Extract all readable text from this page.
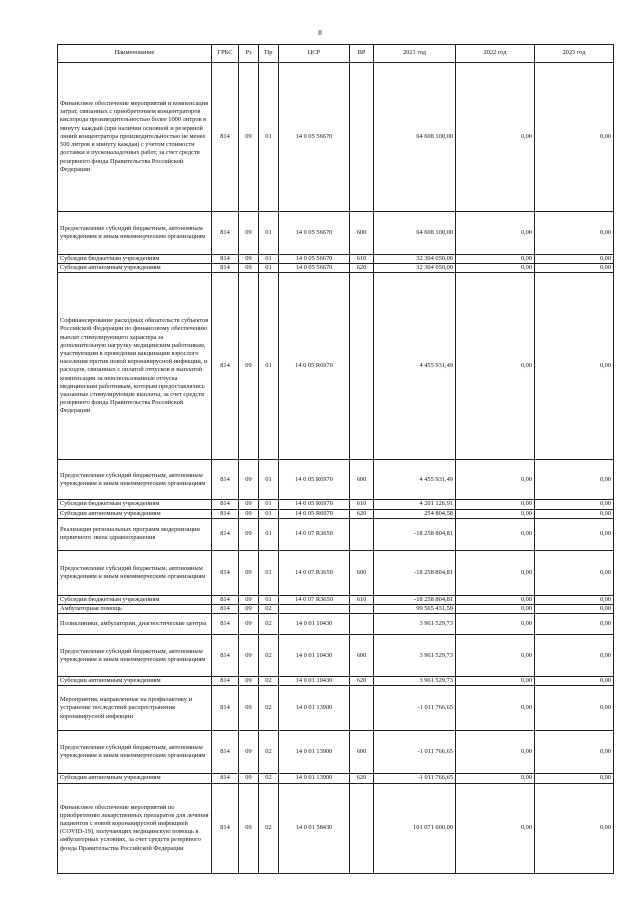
8
Наименование	ГРБС	Рз	Пр	ЦСР	ВР	2021 год	2022 год	2023 год
Финансовое обеспечение мероприятий и компенсация затрат, связанных с приобретением концентраторов кислорода производительностью более 1000 литров в минуту каждый (при наличии основной и резервной линий концентратора производительностью не менее 500 литров в минуту каждая) с учетом стоимости доставки и пусконаладочных работ, за счет средств резервного фонда Правительства Российской Федерации	814	09	01	14 0 05 56670		64 608 100,00	0,00	0,00
Предоставление субсидий бюджетным, автономным учреждениям и иным некоммерческим организациям	814	09	01	14 0 05 56670	600	64 608 100,00	0,00	0,00
Субсидии бюджетным учреждениям	814	09	01	14 0 05 56670	610	32 304 050,00	0,00	0,00
Субсидии автономным учреждениям	814	09	01	14 0 05 56670	620	32 304 050,00	0,00	0,00
Софинансирование расходных обязательств субъектов Российской Федерации по финансовому обеспечению выплат стимулирующего характера за дополнительную нагрузку медицинским работникам, участвующим в проведении вакцинации взрослого населения против новой коронавирусной инфекции, и расходов, связанных с оплатой отпусков и выплатой компенсации за неиспользованные отпуска медицинским работникам, которым предоставлялись указанные стимулирующие выплаты, за счет средств резервного фонда Правительства Российской Федерации	814	09	01	14 0 05 R6970		4 455 931,49	0,00	0,00
Предоставление субсидий бюджетным, автономным учреждениям и иным некоммерческим организациям	814	09	01	14 0 05 R6970	600	4 455 931,49	0,00	0,00
Субсидии бюджетным учреждениям	814	09	01	14 0 05 R6970	610	4 201 126,91	0,00	0,00
Субсидии автономным учреждениям	814	09	01	14 0 05 R6970	620	254 804,58	0,00	0,00
Реализация региональных программ модернизации первичного звена здравоохранения	814	09	01	14 0 07 R3650		-18 258 804,81	0,00	0,00
Предоставление субсидий бюджетным, автономным учреждениям и иным некоммерческим организациям	814	09	01	14 0 07 R3650	600	-18 258 804,81	0,00	0,00
Субсидии бюджетным учреждениям	814	09	01	14 0 07 R3650	610	-18 258 804,81	0,00	0,00
Амбулаторная помощь	814	09	02			99 565 431,59	0,00	0,00
Поликлиники, амбулатории, диагностические центры	814	09	02	14 0 01 10430		3 961 529,73	0,00	0,00
Предоставление субсидий бюджетным, автономным учреждениям и иным некоммерческим организациям	814	09	02	14 0 01 10430	600	3 961 529,73	0,00	0,00
Субсидии автономным учреждениям	814	09	02	14 0 01 10430	620	3 961 529,73	0,00	0,00
Мероприятия, направленные на профилактику и устранение последствий распространения коронавирусной инфекции	814	09	02	14 0 01 13900		-1 011 766,65	0,00	0,00
Предоставление субсидий бюджетным, автономным учреждениям и иным некоммерческим организациям	814	09	02	14 0 01 13900	600	-1 011 766,65	0,00	0,00
Субсидии автономным учреждениям	814	09	02	14 0 01 13900	620	-1 011 766,65	0,00	0,00
Финансовое обеспечение мероприятий по приобретению лекарственных препаратов для лечения пациентов с новой коронавирусной инфекцией (COVID-19), получающих медицинскую помощь в амбулаторных условиях, за счет средств резервного фонда Правительства Российской Федерации	814	09	02	14 0 01 58430		101 071 600,00	0,00	0,00
